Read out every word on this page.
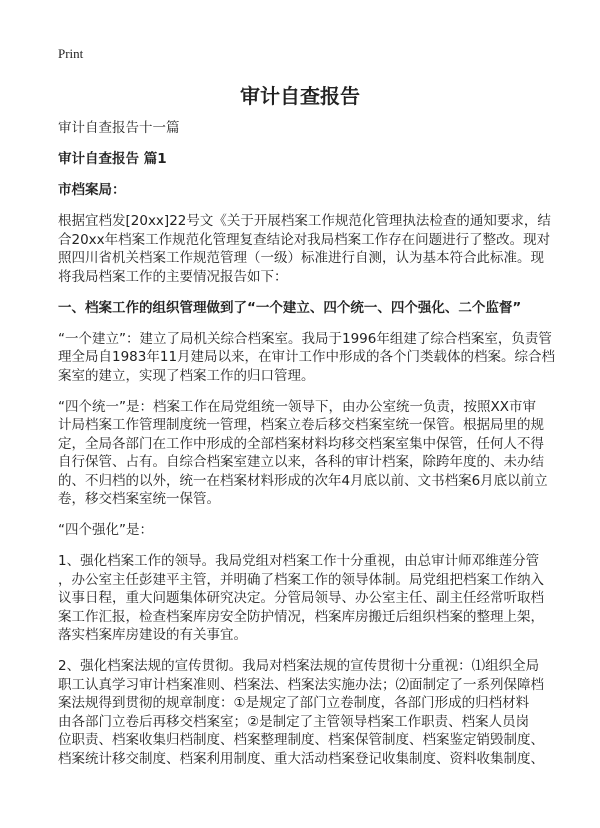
Print
审计自查报告

审计自查报告十一篇

审计自查报告 篇1

市档案局：

根据宜档发[20xx]22号文《关于开展档案工作规范化管理执法检查的通知要求，结
合20xx年档案工作规范化管理复查结论对我局档案工作存在问题进行了整改。现对
照四川省机关档案工作规范管理（一级）标准进行自测，认为基本符合此标准。现
将我局档案工作的主要情况报告如下：

一、档案工作的组织管理做到了“一个建立、四个统一、四个强化、二个监督”

“一个建立”：建立了局机关综合档案室。我局于1996年组建了综合档案室，负责管
理全局自1983年11月建局以来，在审计工作中形成的各个门类载体的档案。综合档
案室的建立，实现了档案工作的归口管理。

“四个统一”是：档案工作在局党组统一领导下，由办公室统一负责，按照XX市审
计局档案工作管理制度统一管理，档案立卷后移交档案室统一保管。根据局里的规
定，全局各部门在工作中形成的全部档案材料均移交档案室集中保管，任何人不得
自行保管、占有。自综合档案室建立以来，各科的审计档案，除跨年度的、未办结
的、不归档的以外，统一在档案材料形成的次年4月底以前、文书档案6月底以前立
卷，移交档案室统一保管。

“四个强化”是：

1、强化档案工作的领导。我局党组对档案工作十分重视，由总审计师邓维莲分管
，办公室主任彭建平主管，并明确了档案工作的领导体制。局党组把档案工作纳入
议事日程，重大问题集体研究决定。分管局领导、办公室主任、副主任经常听取档
案工作汇报，检查档案库房安全防护情况，档案库房搬迁后组织档案的整理上架，
落实档案库房建设的有关事宜。

2、强化档案法规的宣传贯彻。我局对档案法规的宣传贯彻十分重视：⑴组织全局
职工认真学习审计档案准则、档案法、档案法实施办法；⑵面制定了一系列保障档
案法规得到贯彻的规章制度：①是规定了部门立卷制度，各部门形成的归档材料
由各部门立卷后再移交档案室；②是制定了主管领导档案工作职责、档案人员岗
位职责、档案收集归档制度、档案整理制度、档案保管制度、档案鉴定销毁制度、
档案统计移交制度、档案利用制度、重大活动档案登记收集制度、资料收集制度、
